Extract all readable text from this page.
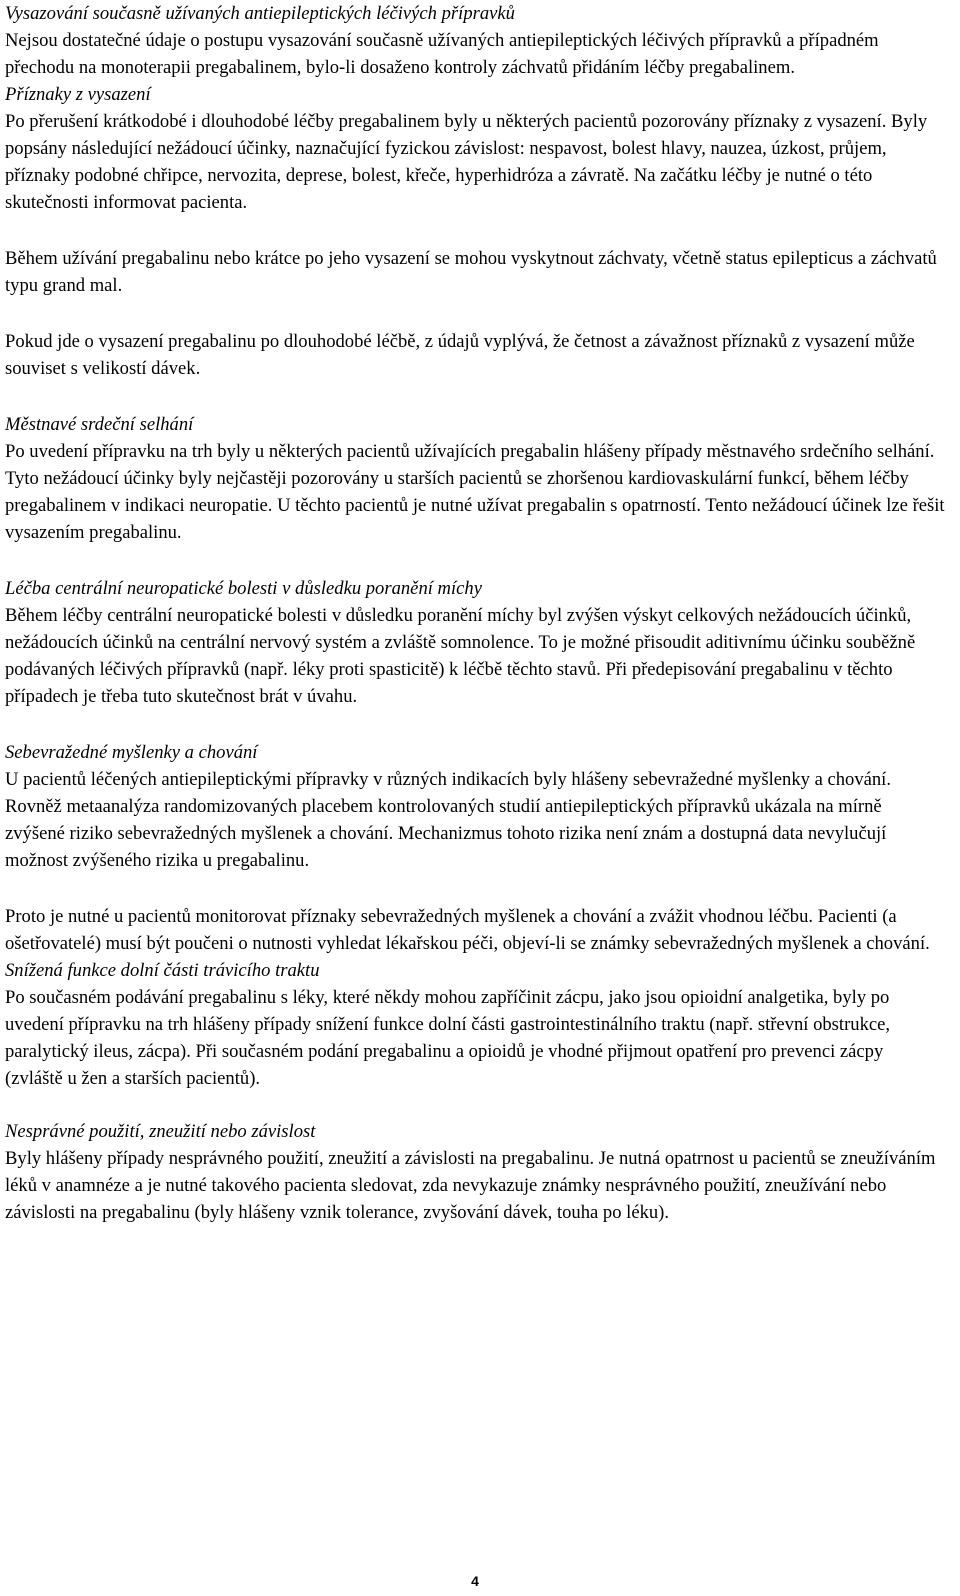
Vysazování současně užívaných antiepileptických léčivých přípravků

Nejsou dostatečné údaje o postupu vysazování současně užívaných antiepileptických léčivých přípravků a případném přechodu na monoterapii pregabalinem, bylo-li dosaženo kontroly záchvatů přidáním léčby pregabalinem.

Příznaky z vysazení

Po přerušení krátkodobé i dlouhodobé léčby pregabalinem byly u některých pacientů pozorovány příznaky z vysazení. Byly popsány následující nežádoucí účinky, naznačující fyzickou závislost: nespavost, bolest hlavy, nauzea, úzkost, průjem, příznaky podobné chřipce, nervozita, deprese, bolest, křeče, hyperhidróza a závratě. Na začátku léčby je nutné o této skutečnosti informovat pacienta.

Během užívání pregabalinu nebo krátce po jeho vysazení se mohou vyskytnout záchvaty, včetně status epilepticus a záchvatů typu grand mal.

Pokud jde o vysazení pregabalinu po dlouhodobé léčbě, z údajů vyplývá, že četnost a závažnost příznaků z vysazení může souviset s velikostí dávek.

Městnavé srdeční selhání

Po uvedení přípravku na trh byly u některých pacientů užívajících pregabalin hlášeny případy městnavého srdečního selhání. Tyto nežádoucí účinky byly nejčastěji pozorovány u starších pacientů se zhoršenou kardiovaskulární funkcí, během léčby pregabalinem v indikaci neuropatie. U těchto pacientů je nutné užívat pregabalin s opatrností. Tento nežádoucí účinek lze řešit vysazením pregabalinu.

Léčba centrální neuropatické bolesti v důsledku poranění míchy

Během léčby centrální neuropatické bolesti v důsledku poranění míchy byl zvýšen výskyt celkových nežádoucích účinků, nežádoucích účinků na centrální nervový systém a zvláště somnolence. To je možné přisoudit aditivnímu účinku souběžně podávaných léčivých přípravků (např. léky proti spasticitě) k léčbě těchto stavů. Při předepisování pregabalinu v těchto případech je třeba tuto skutečnost brát v úvahu.

Sebevražedné myšlenky a chování

U pacientů léčených antiepileptickými přípravky v různých indikacích byly hlášeny sebevražedné myšlenky a chování. Rovněž metaanalýza randomizovaných placebem kontrolovaných studií antiepileptických přípravků ukázala na mírně zvýšené riziko sebevražedných myšlenek a chování. Mechanizmus tohoto rizika není znám a dostupná data nevylučují možnost zvýšeného rizika u pregabalinu.

Proto je nutné u pacientů monitorovat příznaky sebevražedných myšlenek a chování a zvážit vhodnou léčbu. Pacienti (a ošetřovatelé) musí být poučeni o nutnosti vyhledat lékařskou péči, objeví-li se známky sebevražedných myšlenek a chování.

Snížená funkce dolní části trávicího traktu

Po současném podávání pregabalinu s léky, které někdy mohou zapříčinit zácpu, jako jsou opioidní analgetika, byly po uvedení přípravku na trh hlášeny případy snížení funkce dolní části gastrointestinálního traktu (např. střevní obstrukce, paralytický ileus, zácpa). Při současném podání pregabalinu a opioidů je vhodné přijmout opatření pro prevenci zácpy (zvláště u žen a starších pacientů).

Nesprávné použití, zneužití nebo závislost

Byly hlášeny případy nesprávného použití, zneužití a závislosti na pregabalinu. Je nutná opatrnost u pacientů se zneužíváním léků v anamnéze a je nutné takového pacienta sledovat, zda nevykazuje známky nesprávného použití, zneužívání nebo závislosti na pregabalinu (byly hlášeny vznik tolerance, zvyšování dávek, touha po léku).

4
